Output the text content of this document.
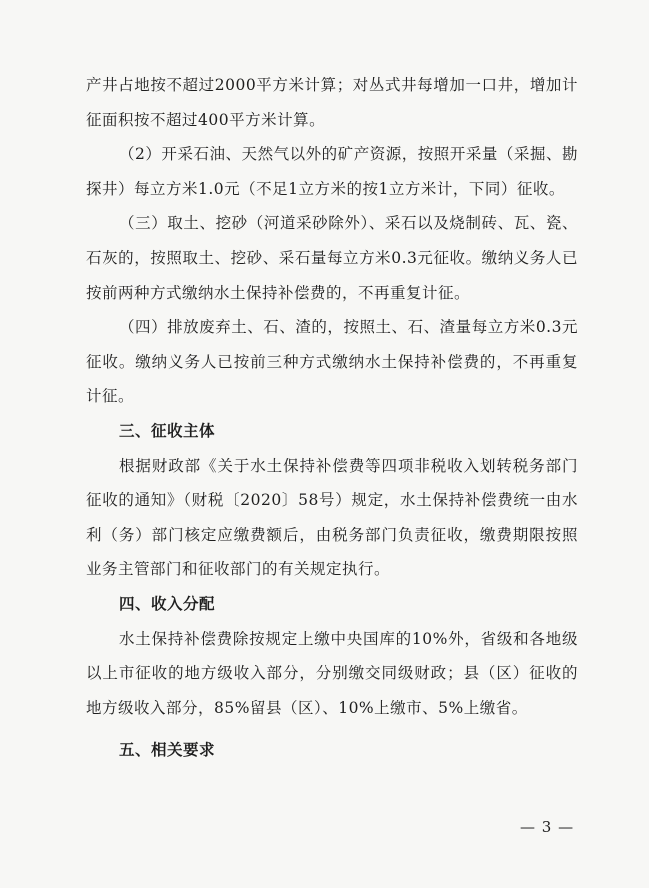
产井占地按不超过2000平方米计算；对丛式井每增加一口井，增加计征面积按不超过400平方米计算。

（2）开采石油、天然气以外的矿产资源，按照开采量（采掘、勘探井）每立方米1.0元（不足1立方米的按1立方米计，下同）征收。

（三）取土、挖砂（河道采砂除外）、采石以及烧制砖、瓦、瓷、石灰的，按照取土、挖砂、采石量每立方米0.3元征收。缴纳义务人已按前两种方式缴纳水土保持补偿费的，不再重复计征。

（四）排放废弃土、石、渣的，按照土、石、渣量每立方米0.3元征收。缴纳义务人已按前三种方式缴纳水土保持补偿费的，不再重复计征。

三、征收主体

根据财政部《关于水土保持补偿费等四项非税收入划转税务部门征收的通知》（财税〔2020〕58号）规定，水土保持补偿费统一由水利（务）部门核定应缴费额后，由税务部门负责征收，缴费期限按照业务主管部门和征收部门的有关规定执行。

四、收入分配

水土保持补偿费除按规定上缴中央国库的10%外，省级和各地级以上市征收的地方级收入部分，分别缴交同级财政；县（区）征收的地方级收入部分，85%留县（区）、10%上缴市、5%上缴省。

五、相关要求
— 3 —
